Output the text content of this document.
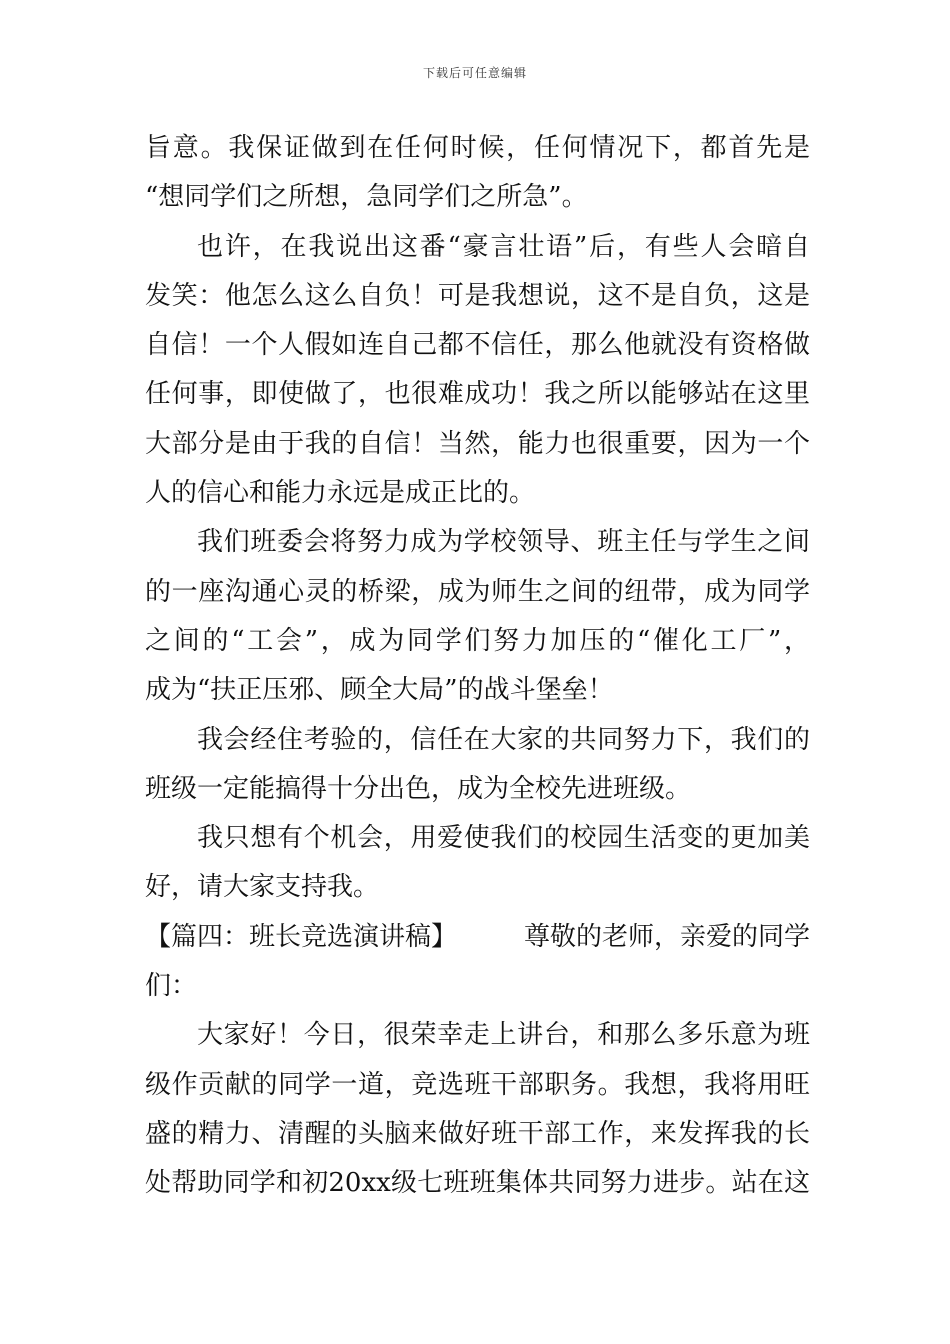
下载后可任意编辑
旨意。我保证做到在任何时候，任何情况下，都首先是
“想同学们之所想，急同学们之所急”。
也许，在我说出这番“豪言壮语”后，有些人会暗自
发笑：他怎么这么自负！可是我想说，这不是自负，这是
自信！一个人假如连自己都不信任，那么他就没有资格做
任何事，即使做了，也很难成功！我之所以能够站在这里
大部分是由于我的自信！当然，能力也很重要，因为一个
人的信心和能力永远是成正比的。
我们班委会将努力成为学校领导、班主任与学生之间
的一座沟通心灵的桥梁，成为师生之间的纽带，成为同学
之间的“工会”，成为同学们努力加压的“催化工厂”，
成为“扶正压邪、顾全大局”的战斗堡垒！
我会经住考验的，信任在大家的共同努力下，我们的
班级一定能搞得十分出色，成为全校先进班级。
我只想有个机会，用爱使我们的校园生活变的更加美
好，请大家支持我。
【篇四：班长竞选演讲稿】	尊敬的老师，亲爱的同学
们：
大家好！今日，很荣幸走上讲台，和那么多乐意为班
级作贡献的同学一道，竞选班干部职务。我想，我将用旺
盛的精力、清醒的头脑来做好班干部工作，来发挥我的长
处帮助同学和初20xx级七班班集体共同努力进步。站在这
